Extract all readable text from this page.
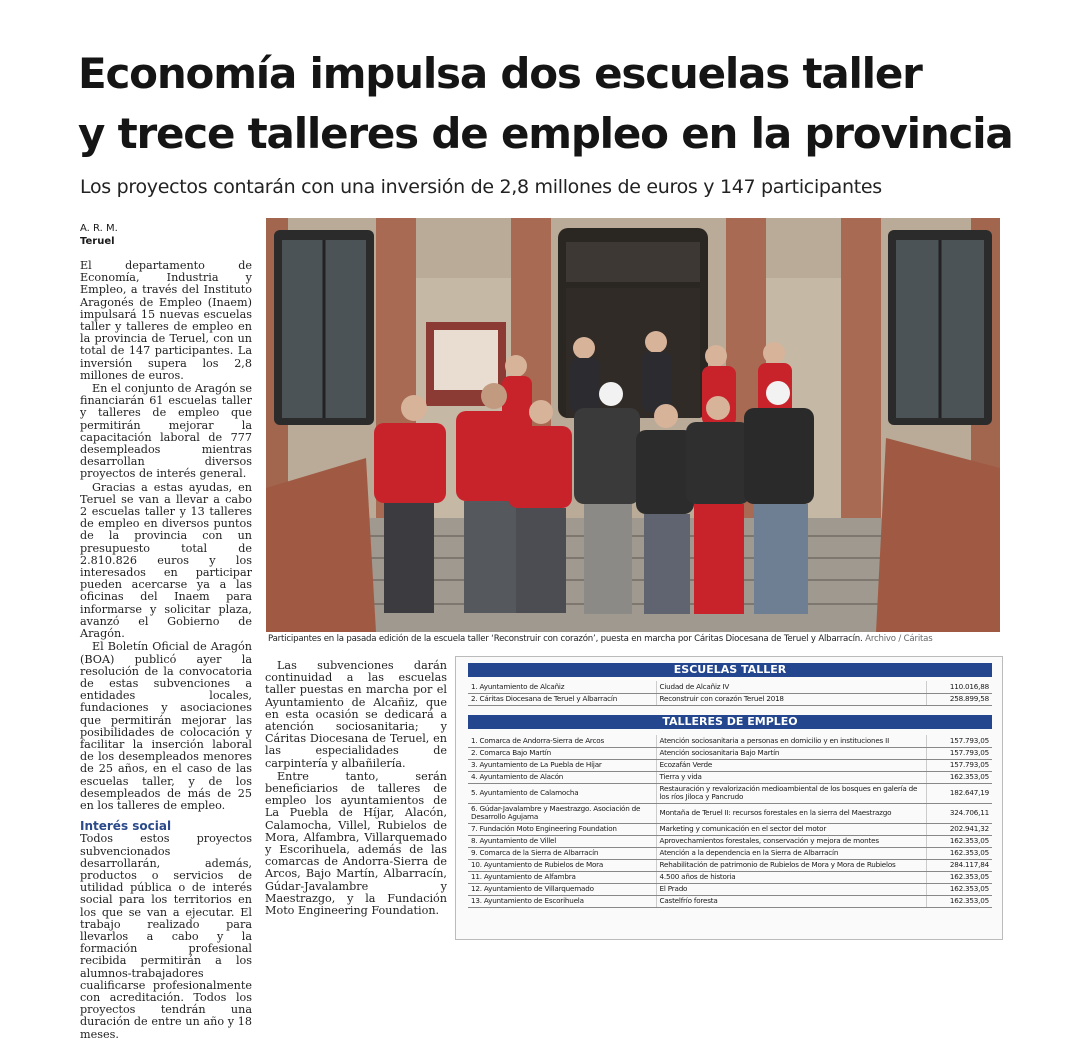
Economía impulsa dos escuelas taller
y trece talleres de empleo en la provincia
Los proyectos contarán con una inversión de 2,8 millones de euros y 147 participantes
A. R. M.
Teruel

El departamento de Economía, Industria y Empleo, a través del Instituto Aragonés de Empleo (Inaem) impulsará 15 nuevas escuelas taller y talleres de empleo en la provincia de Teruel, con un total de 147 participantes. La inversión supera los 2,8 millones de euros.

En el conjunto de Aragón se financiarán 61 escuelas taller y talleres de empleo que permitirán mejorar la capacitación laboral de 777 desempleados mientras desarrollan diversos proyectos de interés general.

Gracias a estas ayudas, en Teruel se van a llevar a cabo 2 escuelas taller y 13 talleres de empleo en diversos puntos de la provincia con un presupuesto total de 2.810.826 euros y los interesados en participar pueden acercarse ya a las oficinas del Inaem para informarse y solicitar plaza, avanzó el Gobierno de Aragón.

El Boletín Oficial de Aragón (BOA) publicó ayer la resolución de la convocatoria de estas subvenciones a entidades locales, fundaciones y asociaciones que permitirán mejorar las posibilidades de colocación y facilitar la inserción laboral de los desempleados menores de 25 años, en el caso de las escuelas taller, y de los desempleados de más de 25 en los talleres de empleo.

Interés social

Todos estos proyectos subvencionados desarrollarán, además, productos o servicios de utilidad pública o de interés social para los territorios en los que se van a ejecutar. El trabajo realizado para llevarlos a cabo y la formación profesional recibida permitirán a los alumnos-trabajadores cualificarse profesionalmente con acreditación. Todos los proyectos tendrán una duración de entre un año y 18 meses.

Las subvenciones darán continuidad a las escuelas taller puestas en marcha por el Ayuntamiento de Alcañiz, que en esta ocasión se dedicará a atención sociosanitaria; y Cáritas Diocesana de Teruel, en las especialidades de carpintería y albañilería.

Entre tanto, serán beneficiarios de talleres de empleo los ayuntamientos de La Puebla de Híjar, Alacón, Calamocha, Villel, Rubielos de Mora, Alfambra, Villarquemado y Escorihuela, además de las comarcas de Andorra-Sierra de Arcos, Bajo Martín, Albarracín, Gúdar-Javalambre y Maestrazgo, y la Fundación Moto Engineering Foundation.

Participantes en la pasada edición de la escuela taller ‘Reconstruir con corazón’, puesta en marcha por Cáritas Diocesana de Teruel y Albarracín. Archivo / Cáritas
ESCUELAS TALLER
1. Ayuntamiento de Alcañiz	Ciudad de Alcañiz IV	110.016,88
2. Cáritas Diocesana de Teruel y Albarracín	Reconstruir con corazón Teruel 2018	258.899,58
TALLERES DE EMPLEO
1. Comarca de Andorra-Sierra de Arcos	Atención sociosanitaria a personas en domicilio y en instituciones II	157.793,05
2. Comarca Bajo Martín	Atención sociosanitaria Bajo Martín	157.793,05
3. Ayuntamiento de La Puebla de Híjar	Ecozafán Verde	157.793,05
4. Ayuntamiento de Alacón	Tierra y vida	162.353,05
5. Ayuntamiento de Calamocha	Restauración y revalorización medioambiental de los bosques en galería de los ríos Jiloca y Pancrudo	182.647,19
6. Gúdar-Javalambre y Maestrazgo. Asociación de Desarrollo Agujama	Montaña de Teruel II: recursos forestales en la sierra del Maestrazgo	324.706,11
7. Fundación Moto Engineering Foundation	Marketing y comunicación en el sector del motor	202.941,32
8. Ayuntamiento de Villel	Aprovechamientos forestales, conservación y mejora de montes	162.353,05
9. Comarca de la Sierra de Albarracín	Atención a la dependencia en la Sierra de Albarracín	162.353,05
10. Ayuntamiento de Rubielos de Mora	Rehabilitación de patrimonio de Rubielos de Mora y Mora de Rubielos	284.117,84
11. Ayuntamiento de Alfambra	4.500 años de historia	162.353,05
12. Ayuntamiento de Villarquemado	El Prado	162.353,05
13. Ayuntamiento de Escorihuela	Castelfrío foresta	162.353,05
